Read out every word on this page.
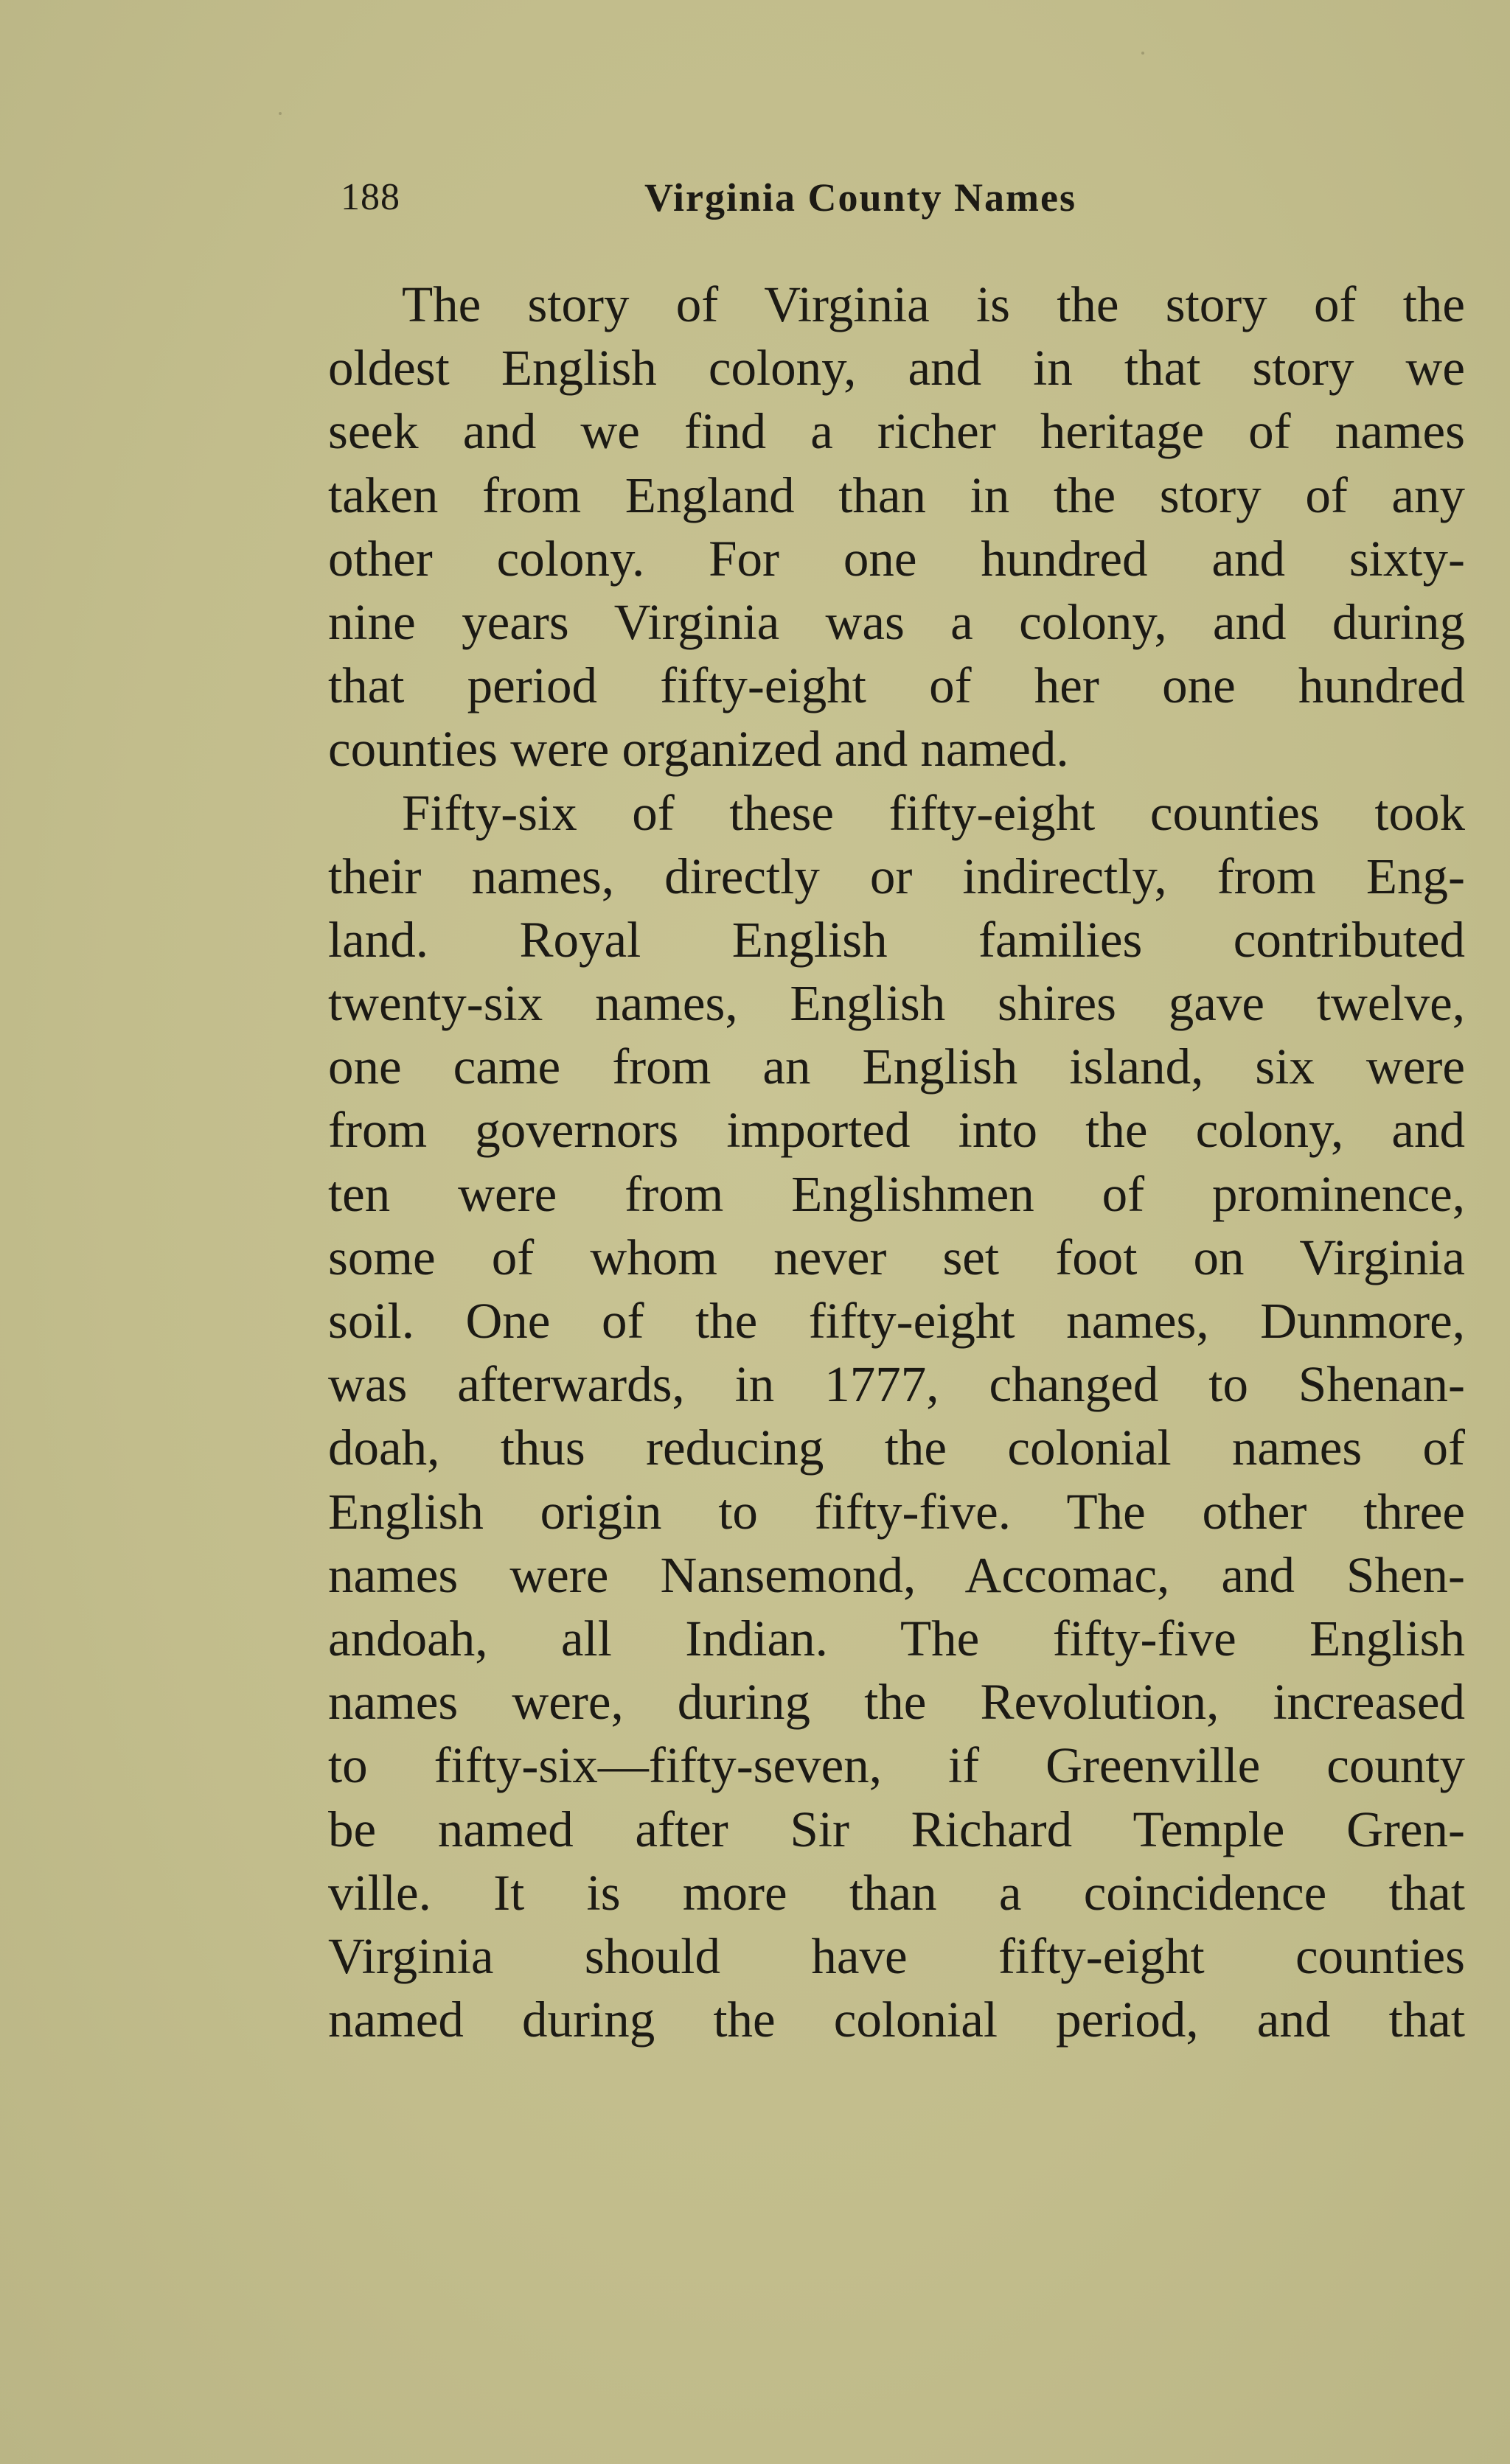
188	Virginia County Names
The story of Virginia is the story of the
oldest English colony, and in that story we
seek and we find a richer heritage of names
taken from England than in the story of any
other colony. For one hundred and sixty-
nine years Virginia was a colony, and during
that period fifty-eight of her one hundred
counties were organized and named.
Fifty-six of these fifty-eight counties took
their names, directly or indirectly, from Eng-
land. Royal English families contributed
twenty-six names, English shires gave twelve,
one came from an English island, six were
from governors imported into the colony, and
ten were from Englishmen of prominence,
some of whom never set foot on Virginia
soil. One of the fifty-eight names, Dunmore,
was afterwards, in 1777, changed to Shenan-
doah, thus reducing the colonial names of
English origin to fifty-five. The other three
names were Nansemond, Accomac, and Shen-
andoah, all Indian. The fifty-five English
names were, during the Revolution, increased
to fifty-six—fifty-seven, if Greenville county
be named after Sir Richard Temple Gren-
ville. It is more than a coincidence that
Virginia should have fifty-eight counties
named during the colonial period, and that
